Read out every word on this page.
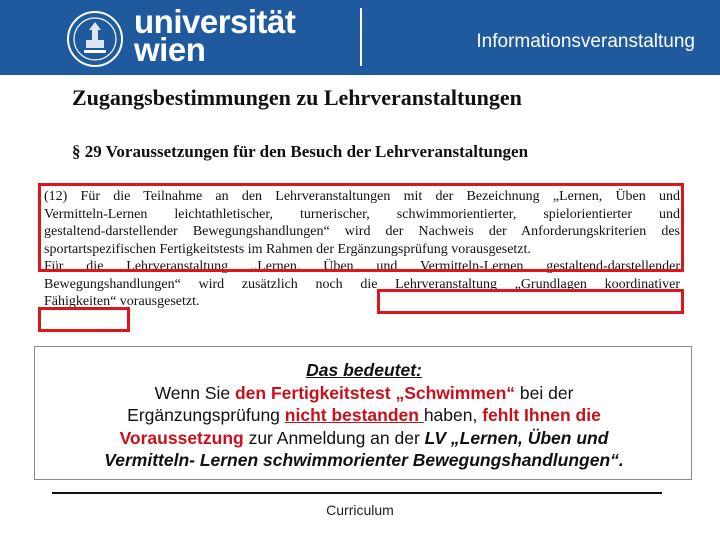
universität
wien	Informationsveranstaltung
Zugangsbestimmungen zu Lehrveranstaltungen
§ 29 Voraussetzungen für den Besuch der Lehrveranstaltungen
(12) Für die Teilnahme an den Lehrveranstaltungen mit der Bezeichnung „Lernen, Üben und
Vermitteln-Lernen leichtathletischer, turnerischer, schwimmorientierter, spielorientierter und
gestaltend-darstellender Bewegungshandlungen“ wird der Nachweis der Anforderungskriterien des
sportartspezifischen Fertigkeitstests im Rahmen der Ergänzungsprüfung vorausgesetzt.
Für die Lehrveranstaltung „Lernen, Üben und Vermitteln-Lernen gestaltend-darstellender
Bewegungshandlungen“ wird zusätzlich noch die Lehrveranstaltung „Grundlagen koordinativer
Fähigkeiten“ vorausgesetzt.
Das bedeutet:
Wenn Sie den Fertigkeitstest „Schwimmen“ bei der
Ergänzungsprüfung nicht bestanden haben, fehlt Ihnen die
Voraussetzung zur Anmeldung an der LV „Lernen, Üben und
Vermitteln- Lernen schwimmorienter Bewegungshandlungen“.
Curriculum
